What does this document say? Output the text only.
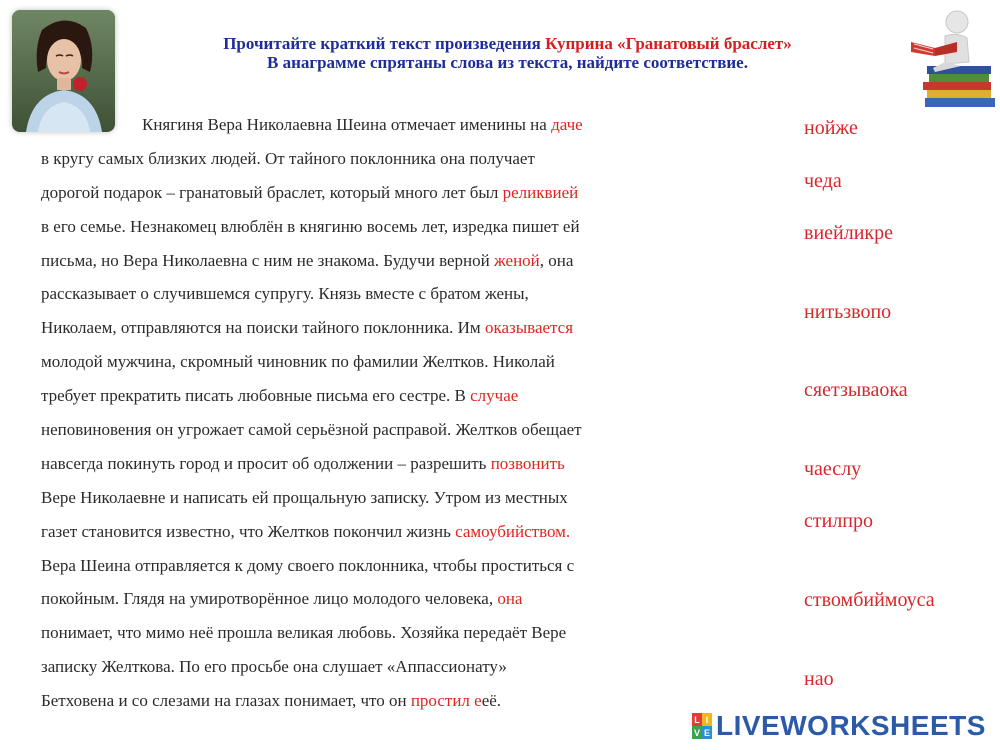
Прочитайте краткий текст произведения Куприна «Гранатовый браслет»
В анаграмме спрятаны слова из текста, найдите соответствие.
Княгиня Вера Николаевна Шеина отмечает именины на даче
в кругу самых близких людей. От тайного поклонника она получает
дорогой подарок – гранатовый браслет, который много лет был реликвией
в его семье. Незнакомец влюблён в княгиню восемь лет, изредка пишет ей
письма, но Вера Николаевна с ним не знакома. Будучи верной женой, она
рассказывает о случившемся супругу. Князь вместе с братом жены,
Николаем, отправляются на поиски тайного поклонника. Им оказывается
молодой мужчина, скромный чиновник по фамилии Желтков. Николай
требует прекратить писать любовные письма его сестре. В случае
неповиновения он угрожает самой серьёзной расправой. Желтков обещает
навсегда покинуть город и просит об одолжении – разрешить позвонить
Вере Николаевне и написать ей прощальную записку. Утром из местных
газет становится известно, что Желтков покончил жизнь самоубийством.
Вера Шеина отправляется к дому своего поклонника, чтобы проститься с
покойным. Глядя на умиротворённое лицо молодого человека, она
понимает, что мимо неё прошла великая любовь. Хозяйка передаёт Вере
записку Желткова. По его просьбе она слушает «Аппассионату»
Бетховена и со слезами на глазах понимает, что он простил ееё.
нойже
чеда
виейликре
нитьзвопо
сяетзываока
чаеслу
стилпро
ствомбиймоуса
нао
L I
V E LIVEWORKSHEETS
